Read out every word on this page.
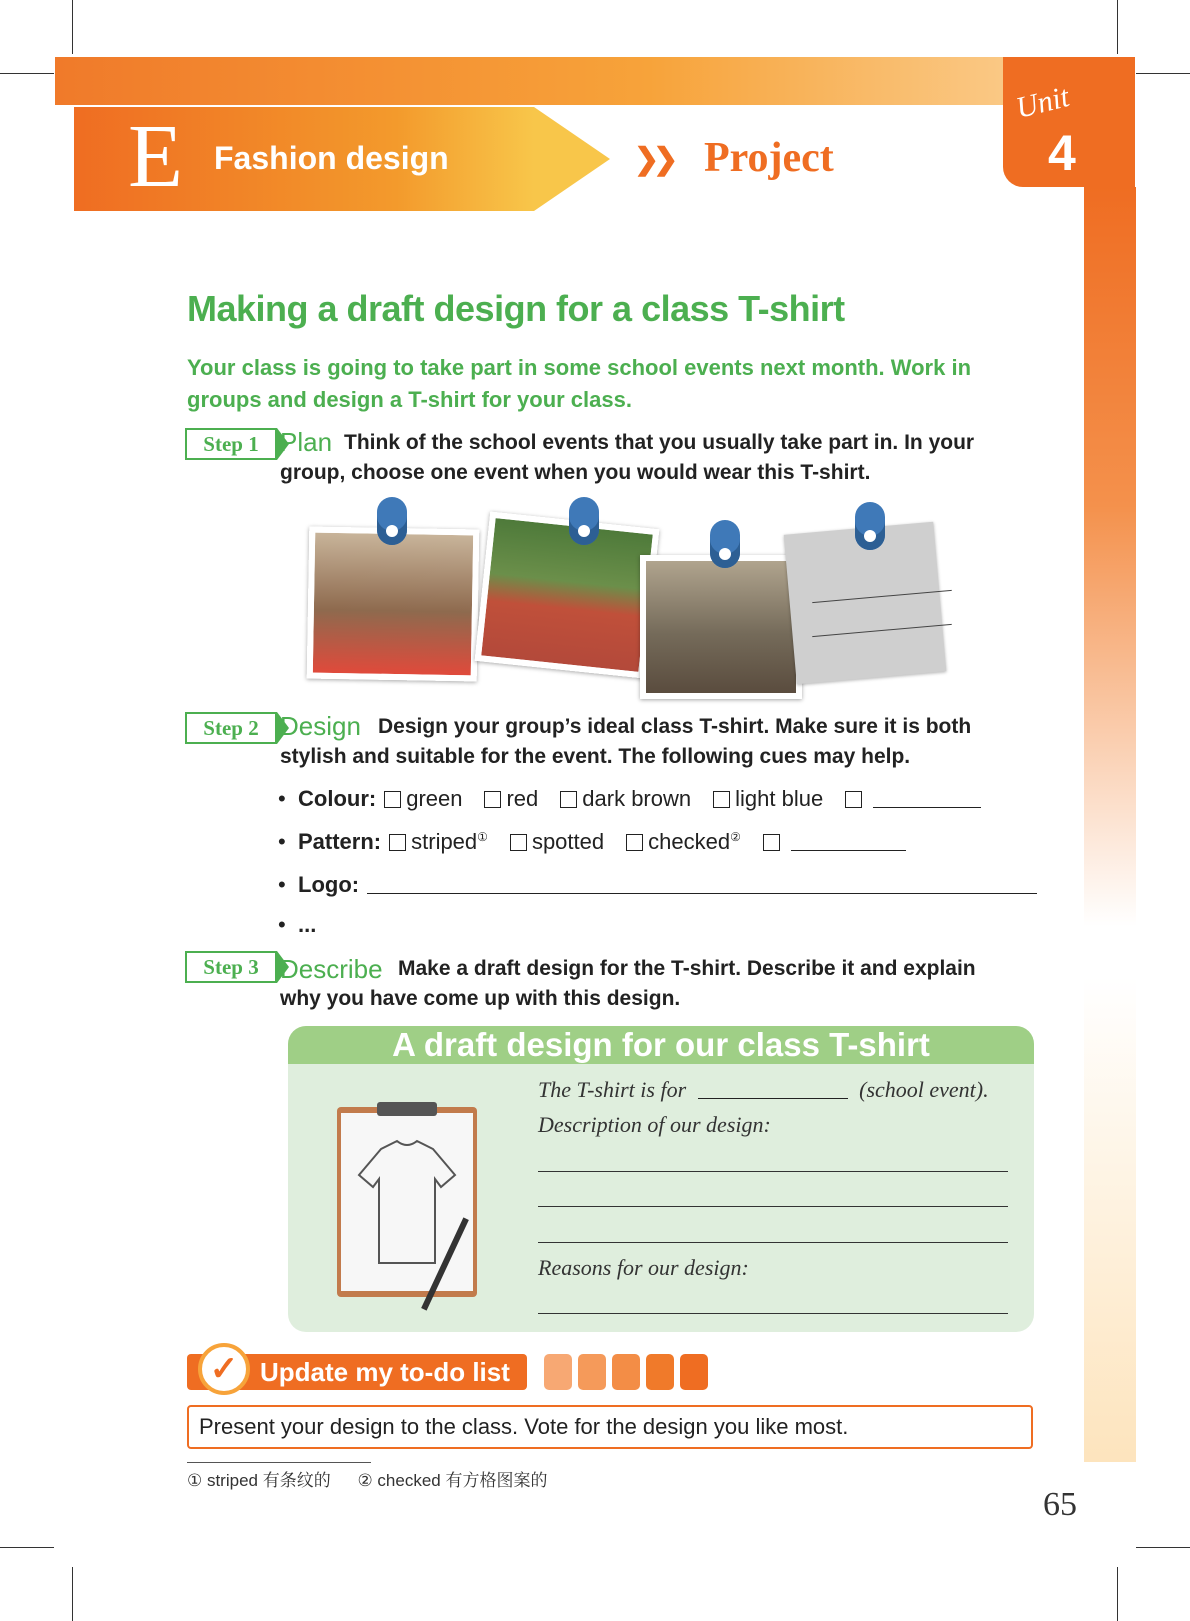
E Fashion design	❯❯ Project
Unit
4
Making a draft design for a class T-shirt
Your class is going to take part in some school events next month. Work in groups and design a T-shirt for your class.
Step 1 Plan Think of the school events that you usually take part in. In your group, choose one event when you would wear this T-shirt.
Step 2 Design Design your group’s ideal class T-shirt. Make sure it is both stylish and suitable for the event. The following cues may help.
• Colour: green red dark brown light blue
• Pattern: striped① spotted checked②
• Logo:
• ...
Step 3 Describe Make a draft design for the T-shirt. Describe it and explain why you have come up with this design.
A draft design for our class T-shirt
The T-shirt is for	(school event).
Description of our design:
Reasons for our design:
Update my to-do list
✓
Present your design to the class. Vote for the design you like most.
① striped 有条纹的 ② checked 有方格图案的
65
